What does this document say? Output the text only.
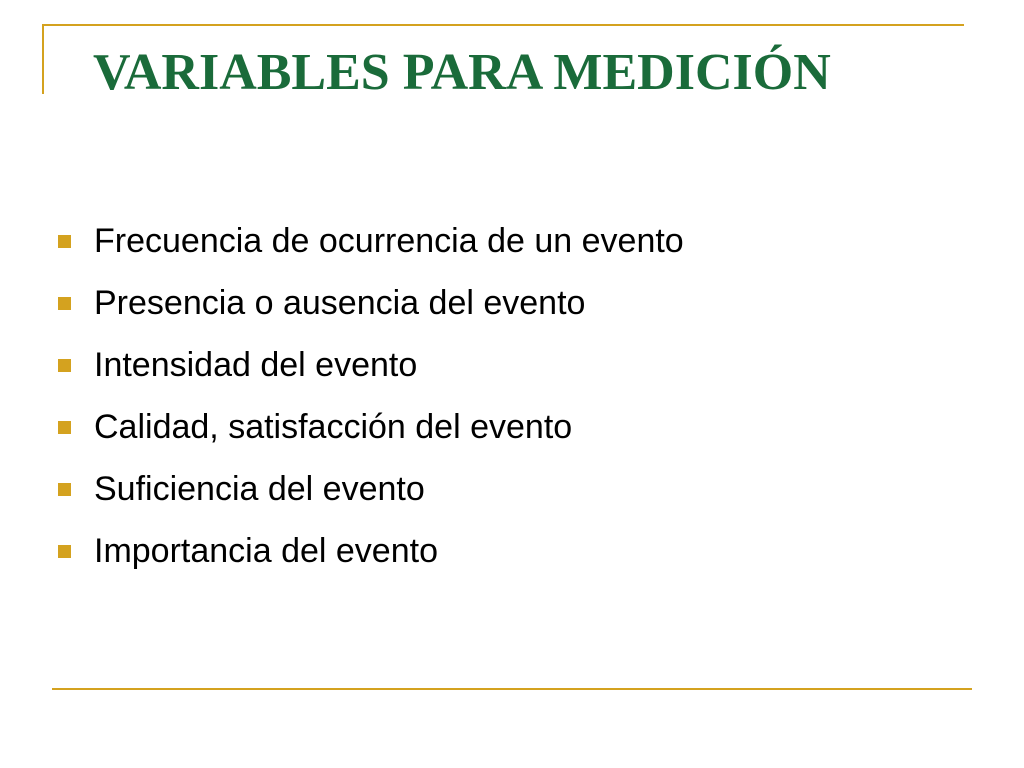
VARIABLES PARA MEDICIÓN
Frecuencia de ocurrencia de un evento
Presencia o ausencia del evento
Intensidad del evento
Calidad, satisfacción del evento
Suficiencia del evento
Importancia del evento
